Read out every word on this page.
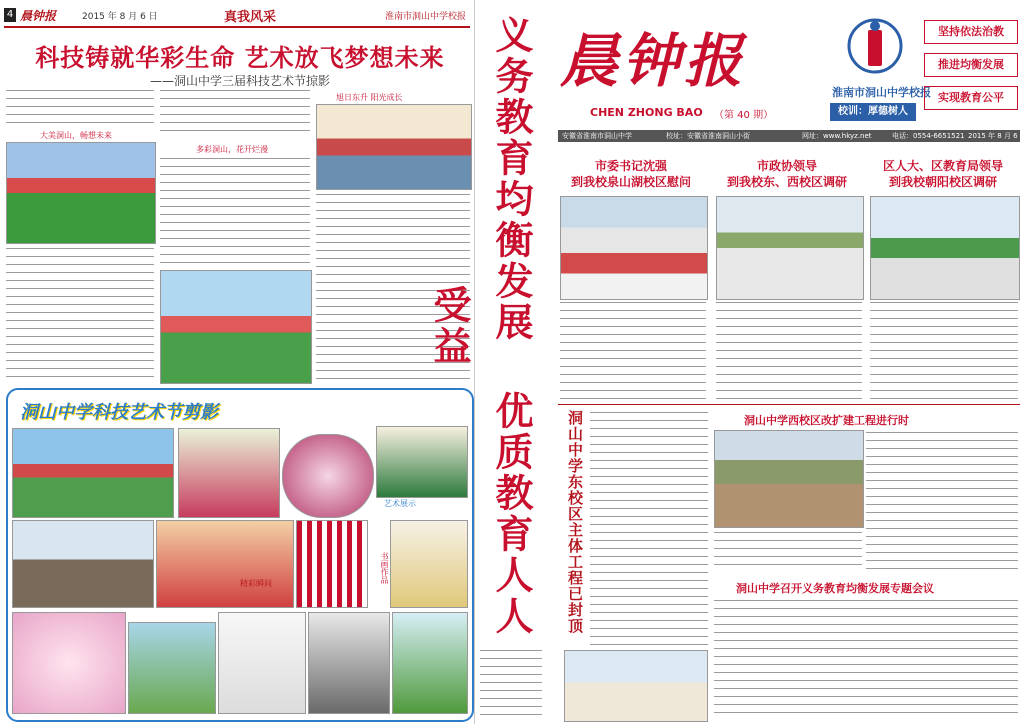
4 晨钟报	2015 年 8 月 6 日	真我风采	淮南市洞山中学校报
科技铸就华彩生命 艺术放飞梦想未来
——洞山中学三届科技艺术节掠影
大美洞山，畅想未来
多彩洞山，花开烂漫
旭日东升 阳光成长
洞山中学科技艺术节剪影
艺术展示
精彩瞬间	书画作品	义务教育均衡发展 优质教育人人受益
晨钟报
CHEN ZHONG BAO （第 40 期）
淮南市洞山中学校报
校训：厚德树人
坚持依法治教
推进均衡发展
实现教育公平
安徽省淮南市洞山中学	校址：安徽省淮南洞山小街	网址：www.hkyz.net	电话：0554-6651521 2015 年 8 月 6 日
市委书记沈强
到我校泉山湖校区慰问
市政协领导
到我校东、西校区调研
区人大、区教育局领导
到我校朝阳校区调研
洞山中学东校区主体工程已封顶	洞山中学西校区改扩建工程进行时
洞山中学召开义务教育均衡发展专题会议
